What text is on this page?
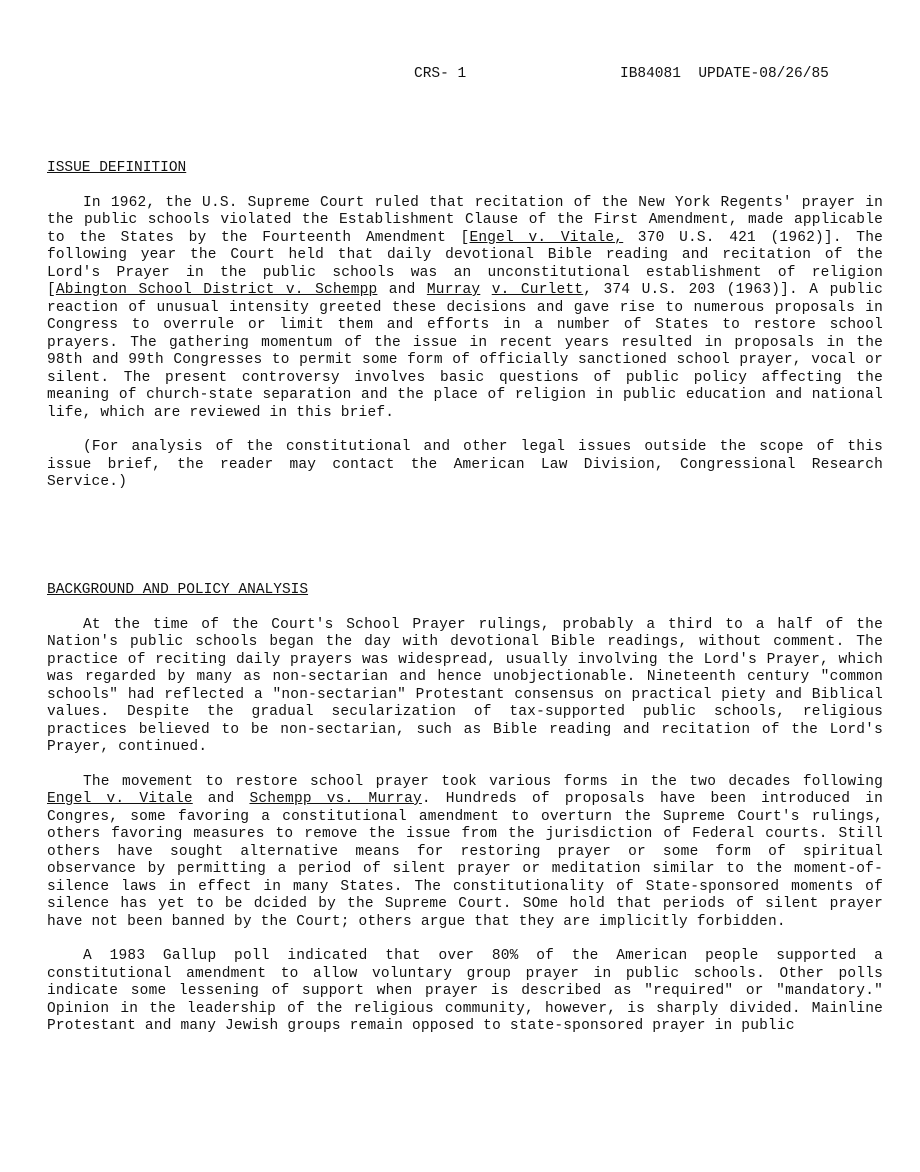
CRS- 1	IB84081 UPDATE-08/26/85
ISSUE DEFINITION

In 1962, the U.S. Supreme Court ruled that recitation of the New York Regents' prayer in the public schools violated the Establishment Clause of the First Amendment, made applicable to the States by the Fourteenth Amendment [Engel v. Vitale, 370 U.S. 421 (1962)]. The following year the Court held that daily devotional Bible reading and recitation of the Lord's Prayer in the public schools was an unconstitutional establishment of religion [Abington School District v. Schempp and Murray v. Curlett, 374 U.S. 203 (1963)]. A public reaction of unusual intensity greeted these decisions and gave rise to numerous proposals in Congress to overrule or limit them and efforts in a number of States to restore school prayers. The gathering momentum of the issue in recent years resulted in proposals in the 98th and 99th Congresses to permit some form of officially sanctioned school prayer, vocal or silent. The present controversy involves basic questions of public policy affecting the meaning of church-state separation and the place of religion in public education and national life, which are reviewed in this brief.

(For analysis of the constitutional and other legal issues outside the scope of this issue brief, the reader may contact the American Law Division, Congressional Research Service.)

BACKGROUND AND POLICY ANALYSIS

At the time of the Court's School Prayer rulings, probably a third to a half of the Nation's public schools began the day with devotional Bible readings, without comment. The practice of reciting daily prayers was widespread, usually involving the Lord's Prayer, which was regarded by many as non-sectarian and hence unobjectionable. Nineteenth century "common schools" had reflected a "non-sectarian" Protestant consensus on practical piety and Biblical values. Despite the gradual secularization of tax-supported public schools, religious practices believed to be non-sectarian, such as Bible reading and recitation of the Lord's Prayer, continued.

The movement to restore school prayer took various forms in the two decades following Engel v. Vitale and Schempp vs. Murray. Hundreds of proposals have been introduced in Congres, some favoring a constitutional amendment to overturn the Supreme Court's rulings, others favoring measures to remove the issue from the jurisdiction of Federal courts. Still others have sought alternative means for restoring prayer or some form of spiritual observance by permitting a period of silent prayer or meditation similar to the moment-of-silence laws in effect in many States. The constitutionality of State-sponsored moments of silence has yet to be dcided by the Supreme Court. SOme hold that periods of silent prayer have not been banned by the Court; others argue that they are implicitly forbidden.

A 1983 Gallup poll indicated that over 80% of the American people supported a constitutional amendment to allow voluntary group prayer in public schools. Other polls indicate some lessening of support when prayer is described as "required" or "mandatory." Opinion in the leadership of the religious community, however, is sharply divided. Mainline Protestant and many Jewish groups remain opposed to state-sponsored prayer in public
